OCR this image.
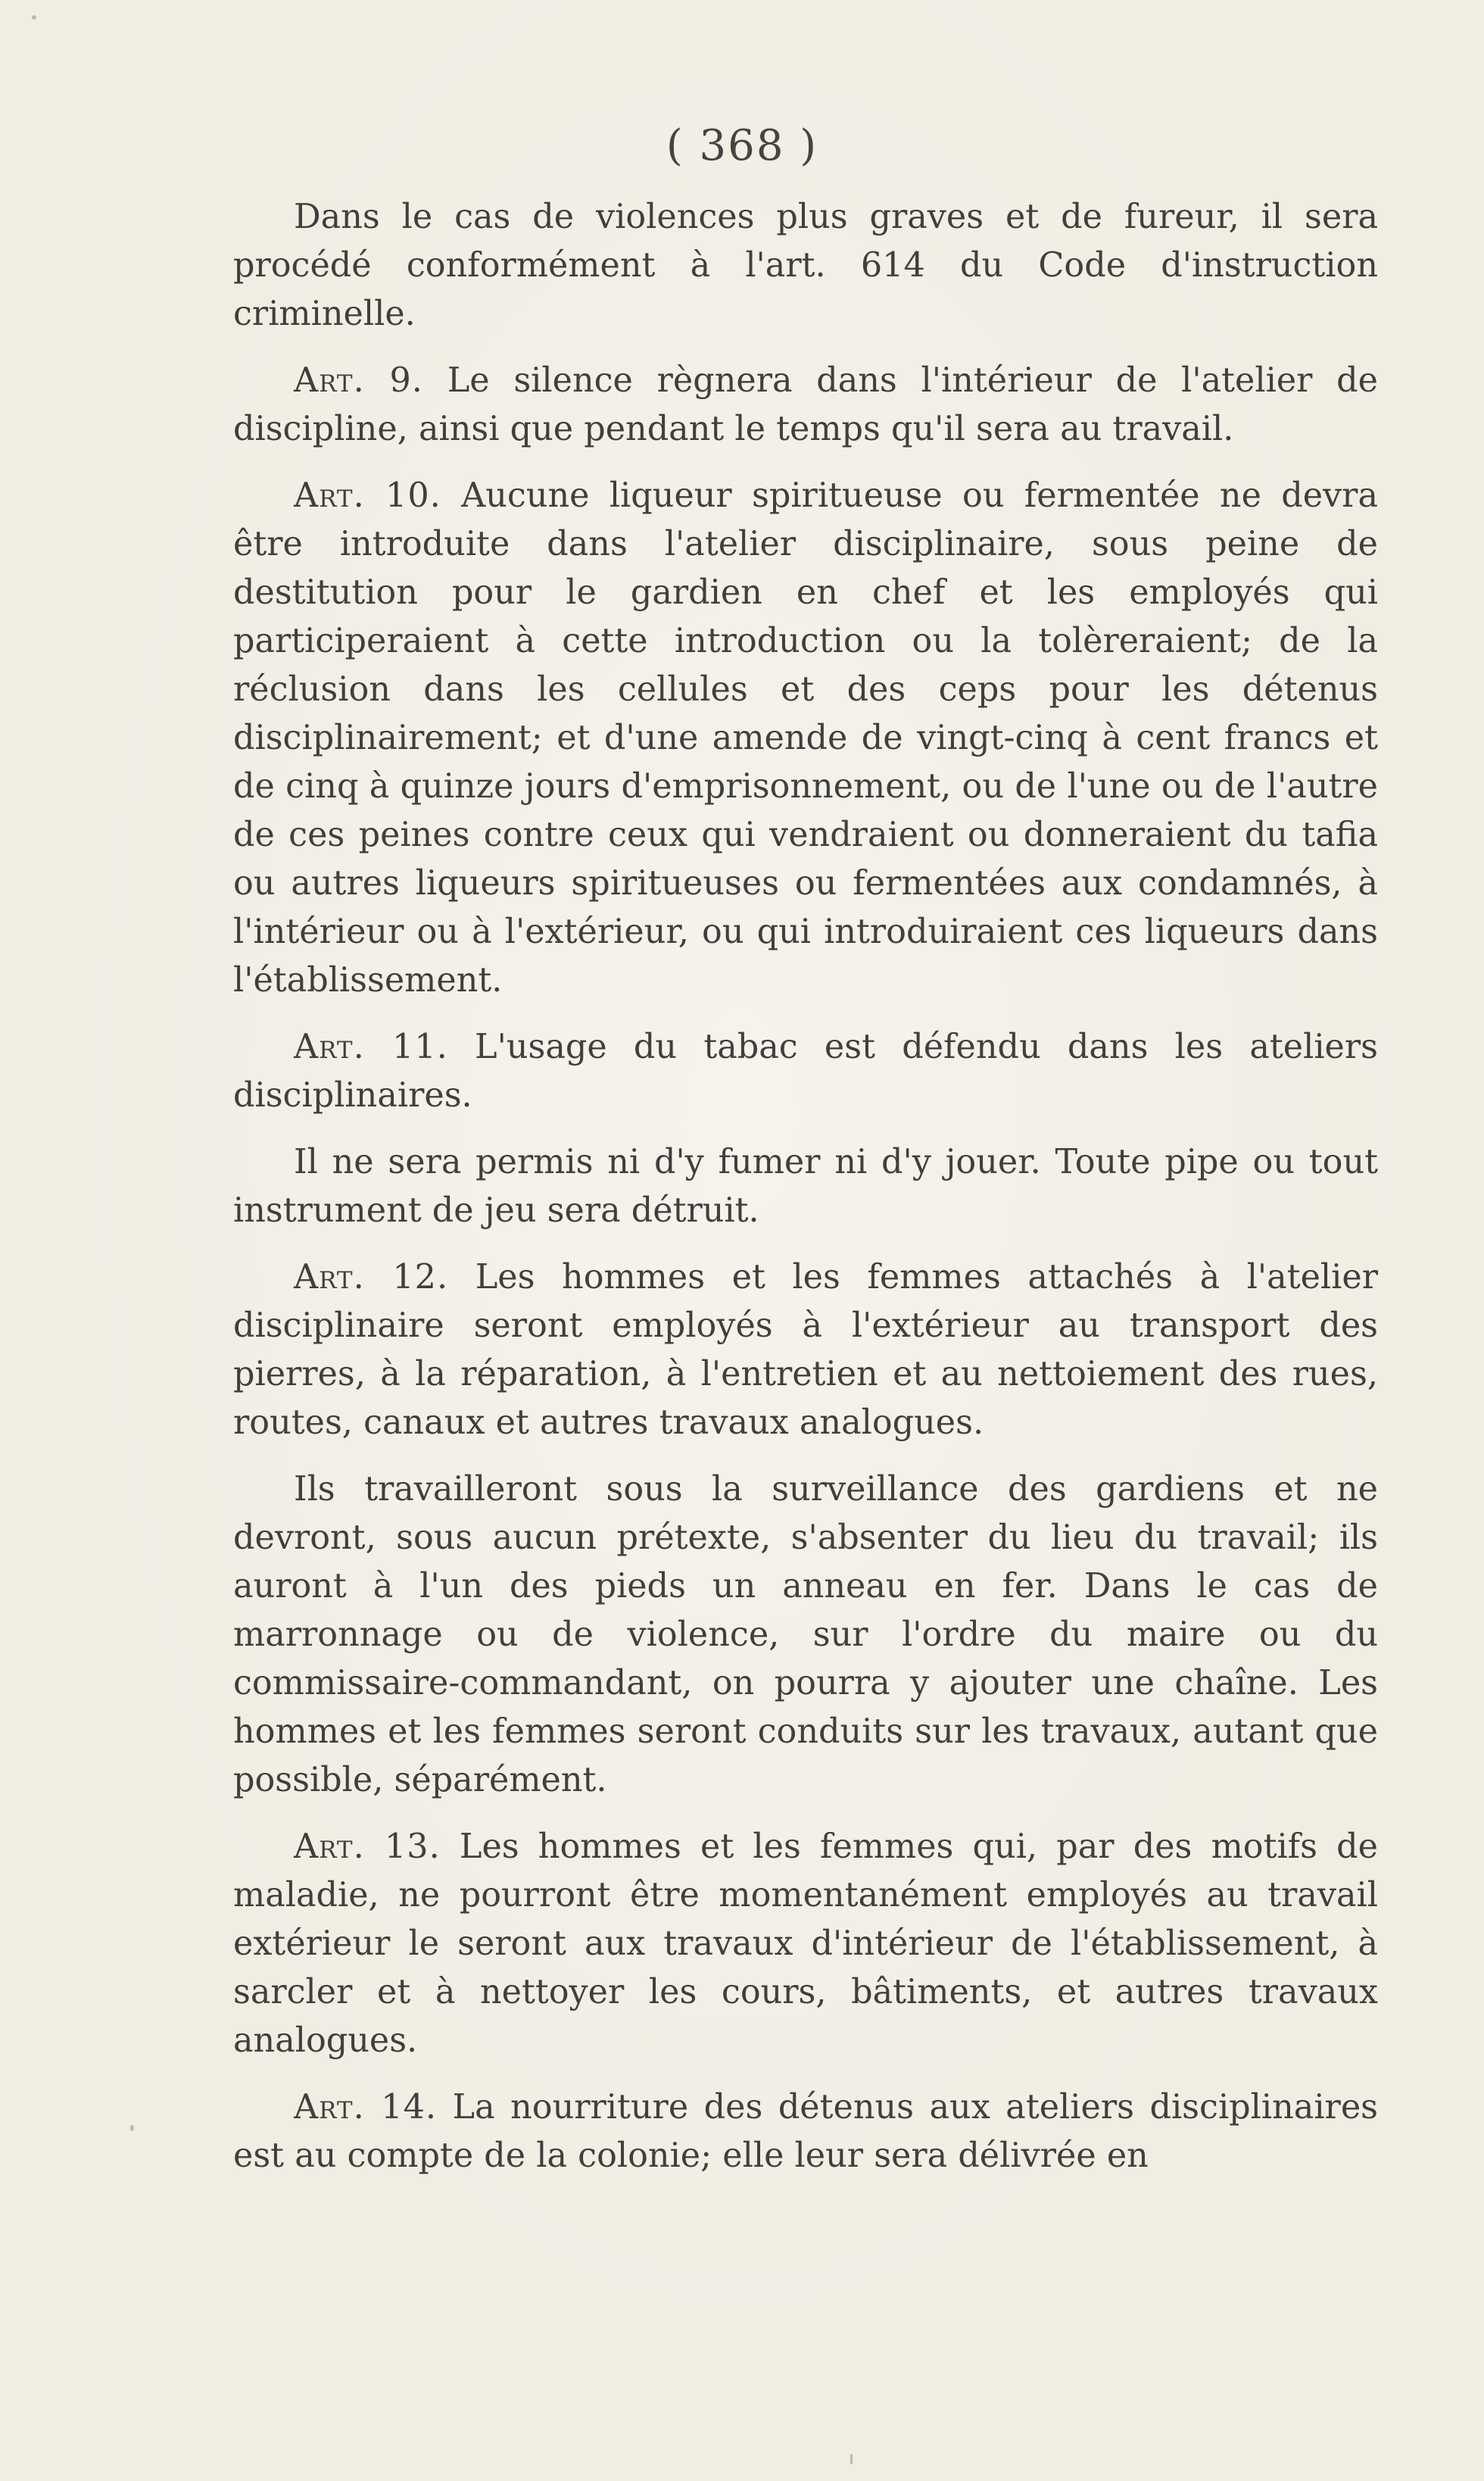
( 368 )

Dans le cas de violences plus graves et de fureur, il sera procédé conformément à l'art. 614 du Code d'instruction criminelle.

Art. 9. Le silence règnera dans l'intérieur de l'atelier de discipline, ainsi que pendant le temps qu'il sera au travail.

Art. 10. Aucune liqueur spiritueuse ou fermentée ne devra être introduite dans l'atelier disciplinaire, sous peine de destitution pour le gardien en chef et les employés qui participeraient à cette introduction ou la tolèreraient; de la réclusion dans les cellules et des ceps pour les détenus disciplinairement; et d'une amende de vingt-cinq à cent francs et de cinq à quinze jours d'emprisonnement, ou de l'une ou de l'autre de ces peines contre ceux qui vendraient ou donneraient du tafia ou autres liqueurs spiritueuses ou fermentées aux condamnés, à l'intérieur ou à l'extérieur, ou qui introduiraient ces liqueurs dans l'établissement.

Art. 11. L'usage du tabac est défendu dans les ateliers disciplinaires.

Il ne sera permis ni d'y fumer ni d'y jouer. Toute pipe ou tout instrument de jeu sera détruit.

Art. 12. Les hommes et les femmes attachés à l'atelier disciplinaire seront employés à l'extérieur au transport des pierres, à la réparation, à l'entretien et au nettoiement des rues, routes, canaux et autres travaux analogues.

Ils travailleront sous la surveillance des gardiens et ne devront, sous aucun prétexte, s'absenter du lieu du travail; ils auront à l'un des pieds un anneau en fer. Dans le cas de marronnage ou de violence, sur l'ordre du maire ou du commissaire-commandant, on pourra y ajouter une chaîne. Les hommes et les femmes seront conduits sur les travaux, autant que possible, séparément.

Art. 13. Les hommes et les femmes qui, par des motifs de maladie, ne pourront être momentanément employés au travail extérieur le seront aux travaux d'intérieur de l'établissement, à sarcler et à nettoyer les cours, bâtiments, et autres travaux analogues.

Art. 14. La nourriture des détenus aux ateliers disciplinaires est au compte de la colonie; elle leur sera délivrée en
